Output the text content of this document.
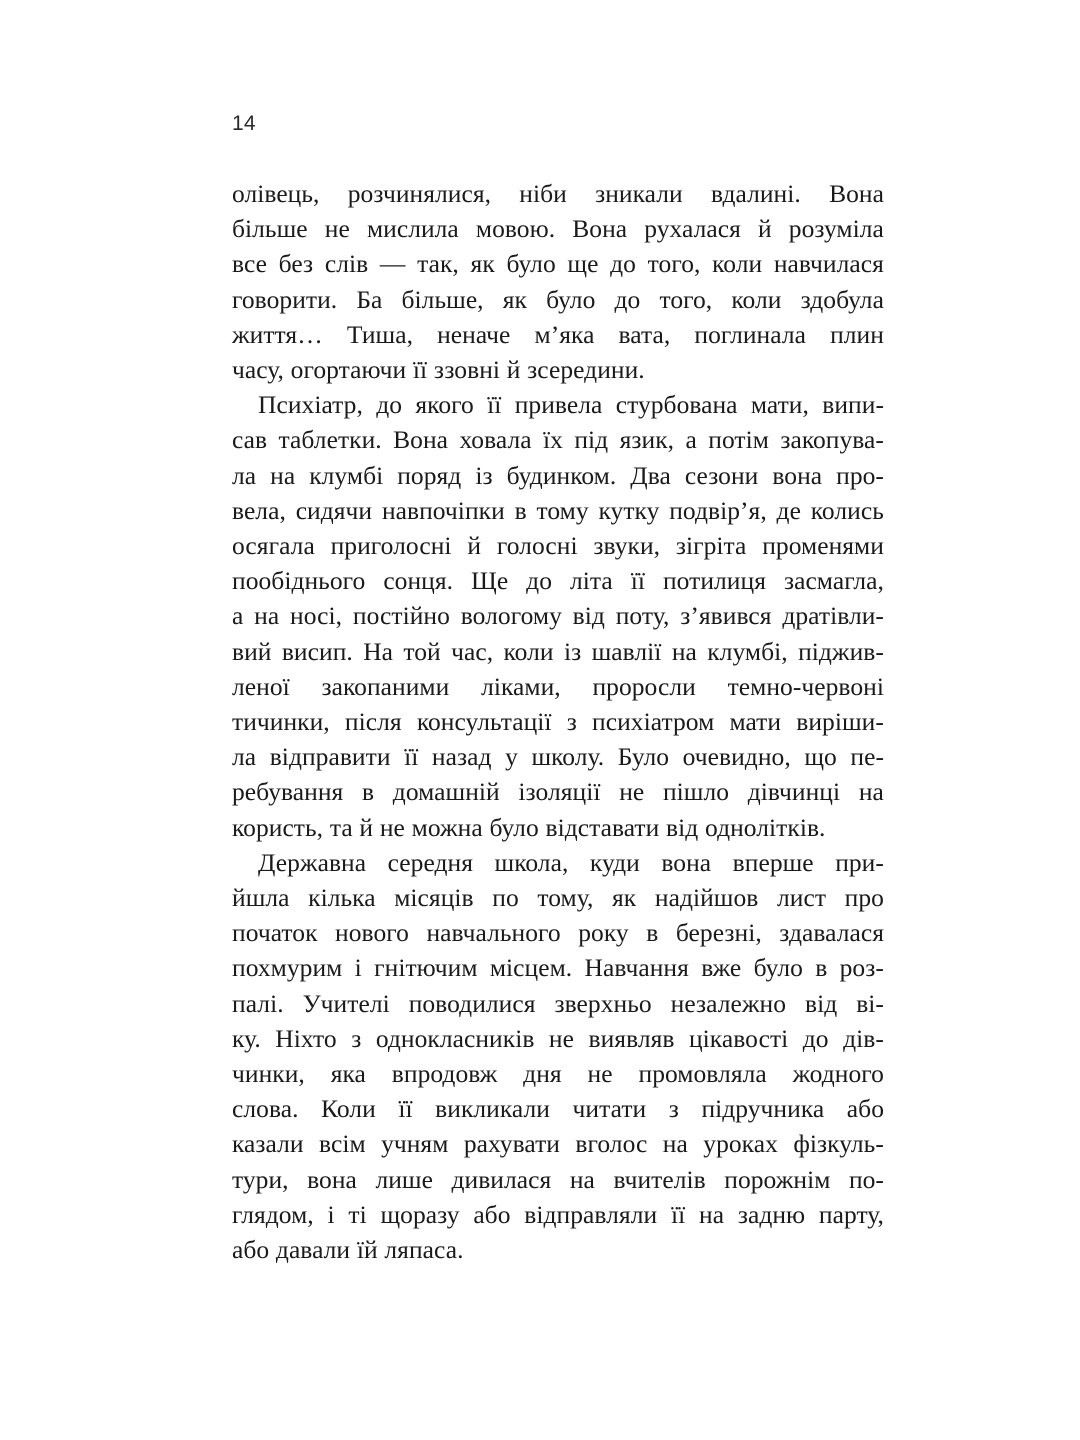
14

олівець, розчинялися, ніби зникали вдалині. Вона
більше не мислила мовою. Вона рухалася й розуміла
все без слів — так, як було ще до того, коли навчилася
говорити. Ба більше, як було до того, коли здобула
життя… Тиша, неначе м’яка вата, поглинала плин
часу, огортаючи її ззовні й зсередини.

Психіатр, до якого її привела стурбована мати, випи-
сав таблетки. Вона ховала їх під язик, а потім закопува-
ла на клумбі поряд із будинком. Два сезони вона про-
вела, сидячи навпочіпки в тому кутку подвір’я, де колись
осягала приголосні й голосні звуки, зігріта променями
пообіднього сонця. Ще до літа її потилиця засмагла,
а на носі, постійно вологому від поту, з’явився дратівли-
вий висип. На той час, коли із шавлії на клумбі, піджив-
леної закопаними ліками, проросли темно-червоні
тичинки, після консультації з психіатром мати виріши-
ла відправити її назад у школу. Було очевидно, що пе-
ребування в домашній ізоляції не пішло дівчинці на
користь, та й не можна було відставати від однолітків.

Державна середня школа, куди вона вперше при-
йшла кілька місяців по тому, як надійшов лист про
початок нового навчального року в березні, здавалася
похмурим і гнітючим місцем. Навчання вже було в роз-
палі. Учителі поводилися зверхньо незалежно від ві-
ку. Ніхто з однокласників не виявляв цікавості до дів-
чинки, яка впродовж дня не промовляла жодного
слова. Коли її викликали читати з підручника або
казали всім учням рахувати вголос на уроках фізкуль-
тури, вона лише дивилася на вчителів порожнім по-
глядом, і ті щоразу або відправляли її на задню парту,
або давали їй ляпаса.
